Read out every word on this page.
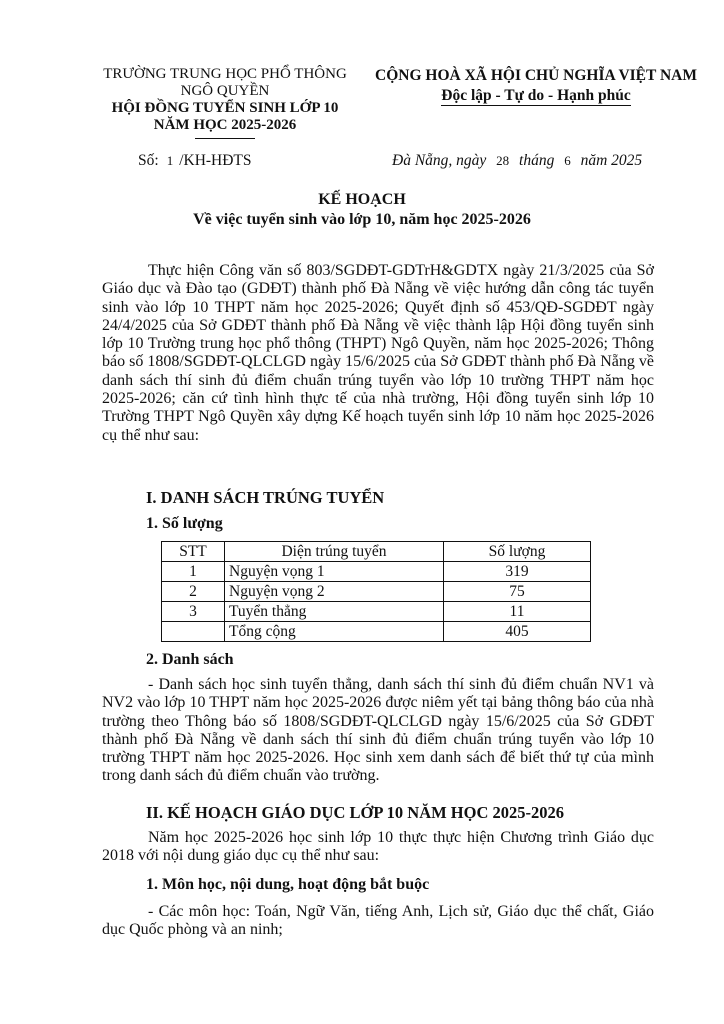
TRƯỜNG TRUNG HỌC PHỔ THÔNG
NGÔ QUYỀN
HỘI ĐỒNG TUYỂN SINH LỚP 10
NĂM HỌC 2025-2026
CỘNG HOÀ XÃ HỘI CHỦ NGHĨA VIỆT NAM
Độc lập - Tự do - Hạnh phúc
Số: 1 /KH-HĐTS	Đà Nẵng, ngày 28 tháng 6 năm 2025
KẾ HOẠCH
Về việc tuyển sinh vào lớp 10, năm học 2025-2026

Thực hiện Công văn số 803/SGDĐT-GDTrH&GDTX ngày 21/3/2025 của Sở Giáo dục và Đào tạo (GDĐT) thành phố Đà Nẵng về việc hướng dẫn công tác tuyển sinh vào lớp 10 THPT năm học 2025-2026; Quyết định số 453/QĐ-SGDĐT ngày 24/4/2025 của Sở GDĐT thành phố Đà Nẵng về việc thành lập Hội đồng tuyển sinh lớp 10 Trường trung học phổ thông (THPT) Ngô Quyền, năm học 2025-2026; Thông báo số 1808/SGDĐT-QLCLGD ngày 15/6/2025 của Sở GDĐT thành phố Đà Nẵng về danh sách thí sinh đủ điểm chuẩn trúng tuyển vào lớp 10 trường THPT năm học 2025-2026; căn cứ tình hình thực tế của nhà trường, Hội đồng tuyển sinh lớp 10 Trường THPT Ngô Quyền xây dựng Kế hoạch tuyển sinh lớp 10 năm học 2025-2026 cụ thể như sau:

I. DANH SÁCH TRÚNG TUYỂN
1. Số lượng
STT	Diện trúng tuyển	Số lượng
1	Nguyện vọng 1	319
2	Nguyện vọng 2	75
3	Tuyển thẳng	11
	Tổng cộng	405
2. Danh sách

- Danh sách học sinh tuyển thẳng, danh sách thí sinh đủ điểm chuẩn NV1 và NV2 vào lớp 10 THPT năm học 2025-2026 được niêm yết tại bảng thông báo của nhà trường theo Thông báo số 1808/SGDĐT-QLCLGD ngày 15/6/2025 của Sở GDĐT thành phố Đà Nẵng về danh sách thí sinh đủ điểm chuẩn trúng tuyển vào lớp 10 trường THPT năm học 2025-2026. Học sinh xem danh sách để biết thứ tự của mình trong danh sách đủ điểm chuẩn vào trường.

II. KẾ HOẠCH GIÁO DỤC LỚP 10 NĂM HỌC 2025-2026

Năm học 2025-2026 học sinh lớp 10 thực thực hiện Chương trình Giáo dục 2018 với nội dung giáo dục cụ thể như sau:

1. Môn học, nội dung, hoạt động bắt buộc

- Các môn học: Toán, Ngữ Văn, tiếng Anh, Lịch sử, Giáo dục thể chất, Giáo dục Quốc phòng và an ninh;
